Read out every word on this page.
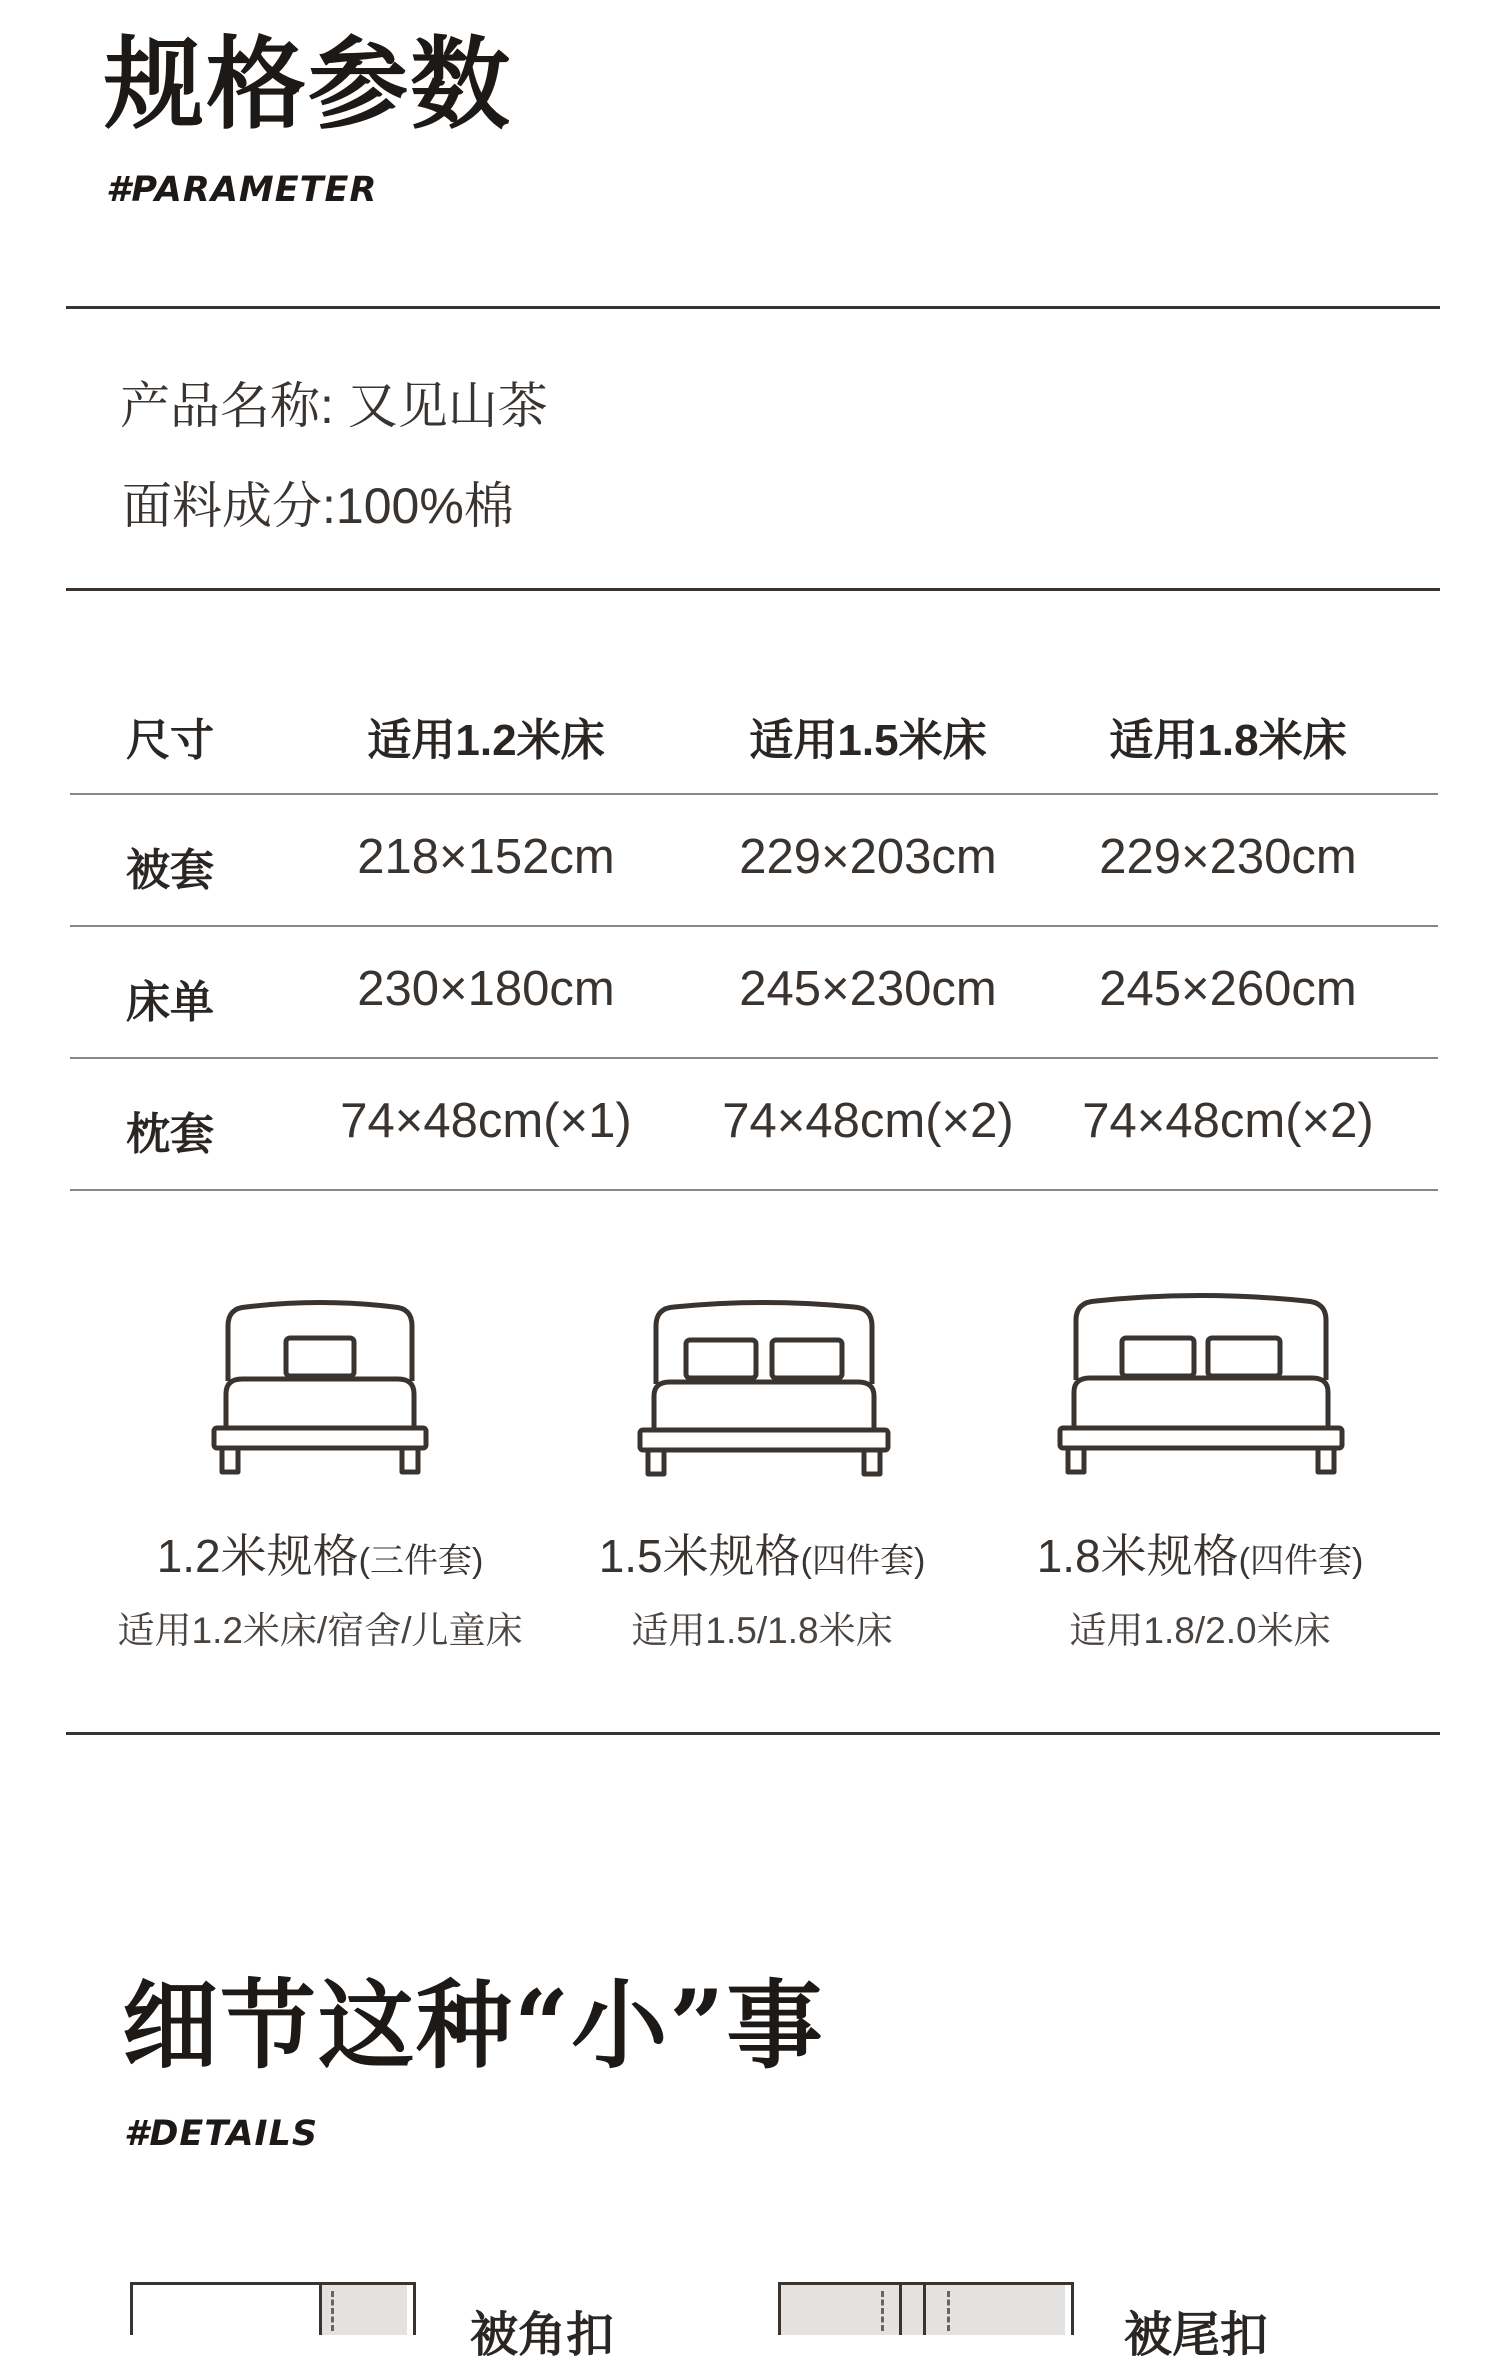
规格参数
#PARAMETER
产品名称: 又见山茶
面料成分:100%棉
尺寸	适用1.2米床	适用1.5米床	适用1.8米床
被套	218×152cm	229×203cm	229×230cm
床单	230×180cm	245×230cm	245×260cm
枕套	74×48cm(×1)	74×48cm(×2)	74×48cm(×2)
1.2米规格(三件套)
适用1.2米床/宿舍/儿童床
1.5米规格(四件套)
适用1.5/1.8米床
1.8米规格(四件套)
适用1.8/2.0米床
细节这种“小”事
#DETAILS
被角扣	被尾扣
